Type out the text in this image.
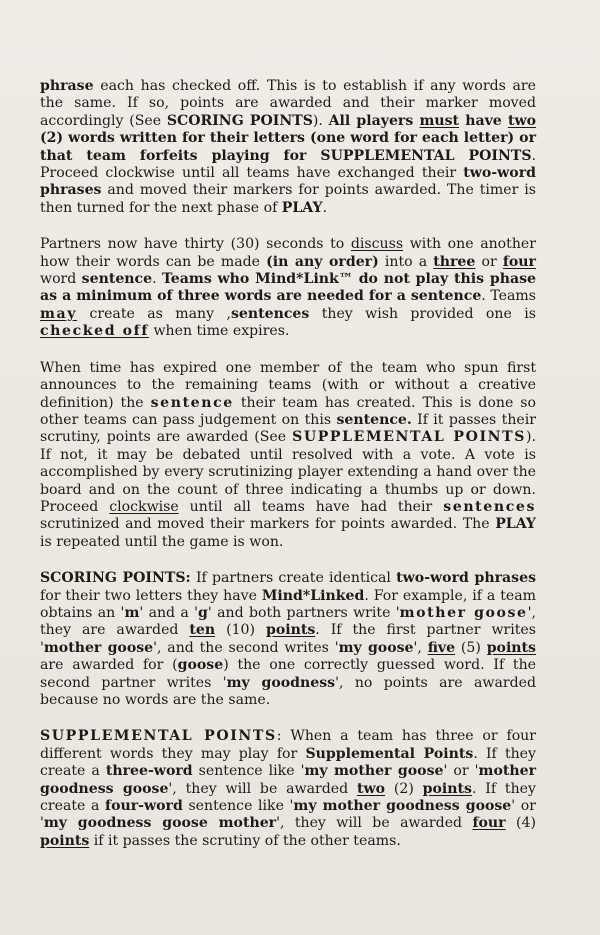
phrase each has checked off. This is to establish if any words are the same. If so, points are awarded and their marker moved accordingly (See SCORING POINTS). All players must have two (2) words written for their letters (one word for each letter) or that team forfeits playing for SUPPLEMENTAL POINTS. Proceed clockwise until all teams have exchanged their two-word phrases and moved their markers for points awarded. The timer is then turned for the next phase of PLAY.

Partners now have thirty (30) seconds to discuss with one another how their words can be made (in any order) into a three or four word sentence. Teams who Mind*Link™ do not play this phase as a minimum of three words are needed for a sentence. Teams may create as many ,sentences they wish provided one is checked off when time expires.

When time has expired one member of the team who spun first announces to the remaining teams (with or without a creative definition) the sentence their team has created. This is done so other teams can pass judgement on this sentence. If it passes their scrutiny, points are awarded (See SUPPLEMENTAL POINTS). If not, it may be debated until resolved with a vote. A vote is accomplished by every scrutinizing player extending a hand over the board and on the count of three indicating a thumbs up or down. Proceed clockwise until all teams have had their sentences scrutinized and moved their markers for points awarded. The PLAY is repeated until the game is won.

SCORING POINTS: If partners create identical two-word phrases for their two letters they have Mind*Linked. For example, if a team obtains an 'm' and a 'g' and both partners write 'mother goose', they are awarded ten (10) points. If the first partner writes 'mother goose', and the second writes 'my goose', five (5) points are awarded for (goose) the one correctly guessed word. If the second partner writes 'my goodness', no points are awarded because no words are the same.

SUPPLEMENTAL POINTS: When a team has three or four different words they may play for Supplemental Points. If they create a three-word sentence like 'my mother goose' or 'mother goodness goose', they will be awarded two (2) points. If they create a four-word sentence like 'my mother goodness goose' or 'my goodness goose mother', they will be awarded four (4) points if it passes the scrutiny of the other teams.
